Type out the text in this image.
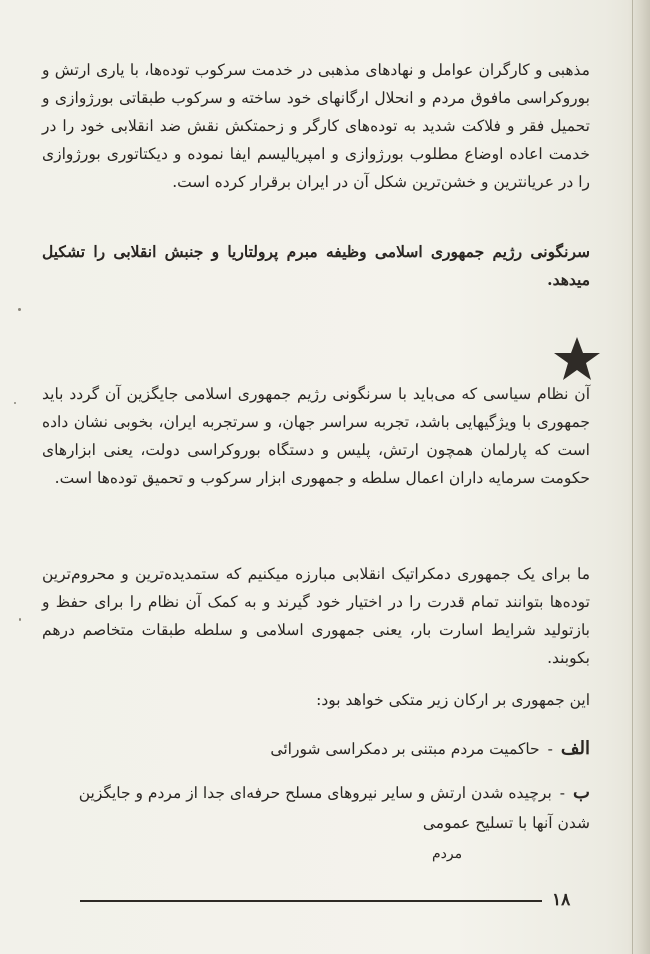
مذهبی و کارگران عوامل و نهادهای مذهبی در خدمت سرکوب توده‌ها، با یاری ارتش و بوروکراسی مافوق مردم و انحلال ارگانهای خود ساخته و سرکوب طبقاتی بورژوازی و تحمیل فقر و فلاکت شدید به توده‌های کارگر و زحمتکش نقش ضد انقلابی خود را در خدمت اعاده اوضاع مطلوب بورژوازی و امپریالیسم ایفا نموده و دیکتاتوری بورژوازی را در عریانترین و خشن‌ترین شکل آن در ایران برقرار کرده است.

سرنگونی رژیم جمهوری اسلامی وظیفه مبرم پرولتاریا و جنبش انقلابی را تشکیل میدهد.

آن نظام سیاسی که می‌باید با سرنگونی رژیم جمهوری اسلامی جایگزین آن گردد باید جمهوری با ویژگیهایی باشد، تجربه سراسر جهان، و سرتجربه ایران، بخوبی نشان داده است که پارلمان همچون ارتش، پلیس و دستگاه بوروکراسی دولت، یعنی ابزارهای حکومت سرمایه داران اعمال سلطه و جمهوری ابزار سرکوب و تحمیق توده‌ها است.

ما برای یک جمهوری دمکراتیک انقلابی مبارزه میکنیم که ستمدیده‌ترین و محروم‌ترین توده‌ها بتوانند تمام قدرت را در اختیار خود گیرند و به کمک آن نظام را برای حفظ و بازتولید شرایط اسارت بار، یعنی جمهوری اسلامی و سلطه طبقات متخاصم درهم بکوبند.

این جمهوری بر ارکان زیر متکی خواهد بود:

الف-حاکمیت مردم مبتنی بر دمکراسی شورائی
ب-برچیده شدن ارتش و سایر نیروهای مسلح حرفه‌ای جدا از مردم و جایگزین شدن آنها با تسلیح عمومی
مردم
۱۸
